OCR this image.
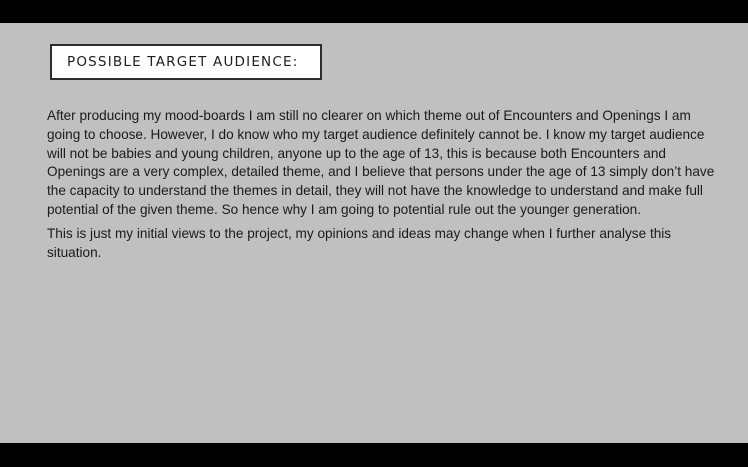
POSSIBLE TARGET AUDIENCE:

After producing my mood-boards I am still no clearer on which theme out of Encounters and Openings I am going to choose. However, I do know who my target audience definitely cannot be. I know my target audience will not be babies and young children, anyone up to the age of 13, this is because both Encounters and Openings are a very complex, detailed theme, and I believe that persons under the age of 13 simply don’t have the capacity to understand the themes in detail, they will not have the knowledge to understand and make full potential of the given theme. So hence why I am going to potential rule out the younger generation.

This is just my initial views to the project, my opinions and ideas may change when I further analyse this situation.
